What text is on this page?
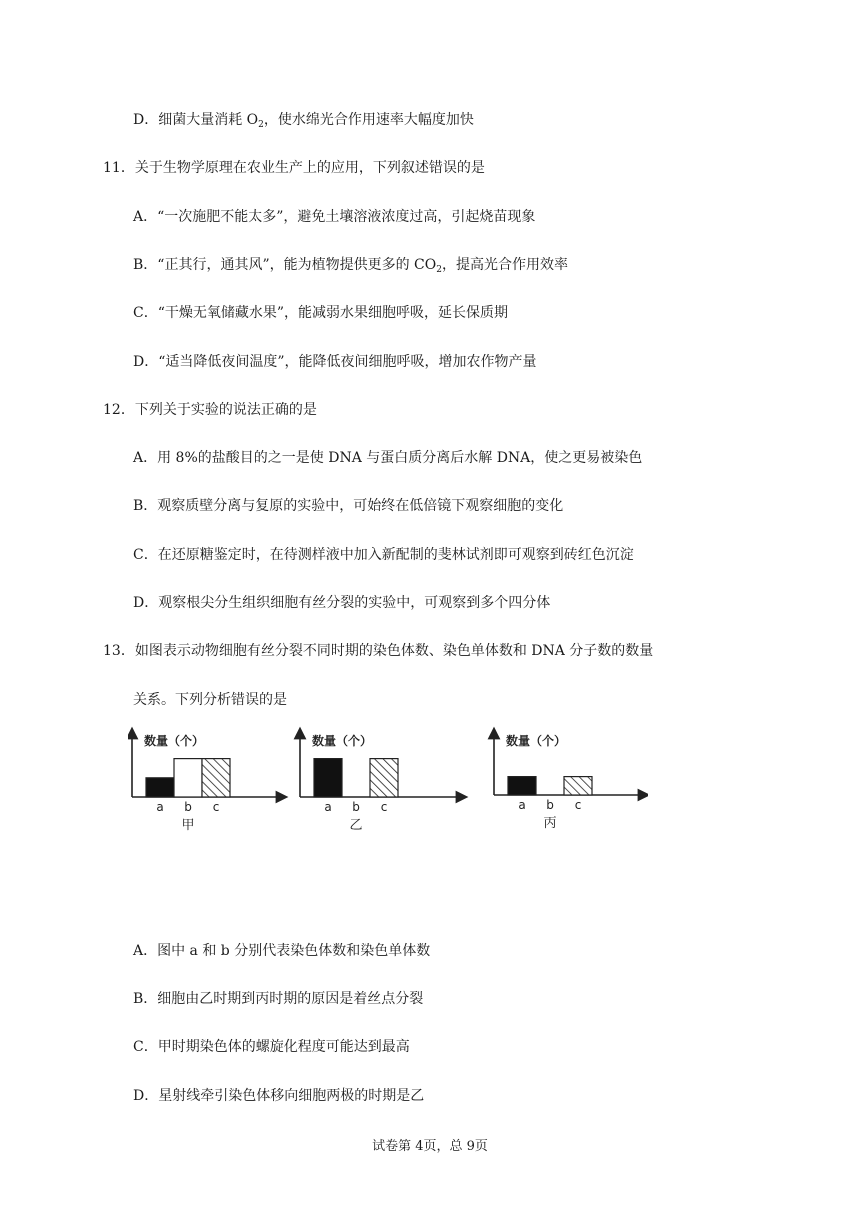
D．细菌大量消耗 $O_2$，使水绵光合作用速率大幅度加快
11．关于生物学原理在农业生产上的应用，下列叙述错误的是
A．“一次施肥不能太多”，避免土壤溶液浓度过高，引起烧苗现象
B．“正其行，通其风”，能为植物提供更多的 $CO_2$，提高光合作用效率
C．“干燥无氧储藏水果”，能减弱水果细胞呼吸，延长保质期
D．“适当降低夜间温度”，能降低夜间细胞呼吸，增加农作物产量
12．下列关于实验的说法正确的是
A．用 8%的盐酸目的之一是使 DNA 与蛋白质分离后水解 DNA，使之更易被染色
B．观察质壁分离与复原的实验中，可始终在低倍镜下观察细胞的变化
C．在还原糖鉴定时，在待测样液中加入新配制的斐林试剂即可观察到砖红色沉淀
D．观察根尖分生组织细胞有丝分裂的实验中，可观察到多个四分体
13．如图表示动物细胞有丝分裂不同时期的染色体数、染色单体数和 DNA 分子数的数量
关系。下列分析错误的是
数量（个）
a b c
甲
数量（个）
a b c
乙
数量（个）
a b c
丙
A．图中 a 和 b 分别代表染色体数和染色单体数
B．细胞由乙时期到丙时期的原因是着丝点分裂
C．甲时期染色体的螺旋化程度可能达到最高
D．星射线牵引染色体移向细胞两极的时期是乙
试卷第 4页，总 9页
